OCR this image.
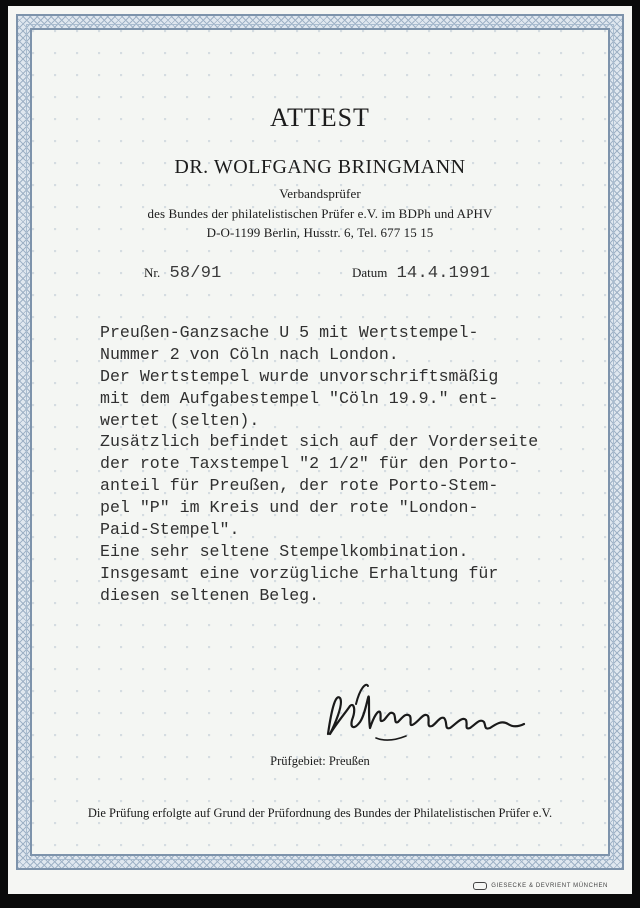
ATTEST
DR. WOLFGANG BRINGMANN
Verbandsprüfer
des Bundes der philatelistischen Prüfer e.V. im BDPh und APHV
D-O-1199 Berlin, Husstr. 6, Tel. 677 15 15
Nr. 58/91	Datum 14.4.1991
Preußen-Ganzsache U 5 mit Wertstempel-
Nummer 2 von Cöln nach London.
Der Wertstempel wurde unvorschriftsmäßig
mit dem Aufgabestempel "Cöln 19.9." ent-
wertet (selten).
Zusätzlich befindet sich auf der Vorderseite
der rote Taxstempel "2 1/2" für den Porto-
anteil für Preußen, der rote Porto-Stem-
pel "P" im Kreis und der rote "London-
Paid-Stempel".
Eine sehr seltene Stempelkombination.
Insgesamt eine vorzügliche Erhaltung für
diesen seltenen Beleg.
Prüfgebiet: Preußen
Die Prüfung erfolgte auf Grund der Prüfordnung des Bundes der Philatelistischen Prüfer e.V.
GIESECKE & DEVRIENT MÜNCHEN
